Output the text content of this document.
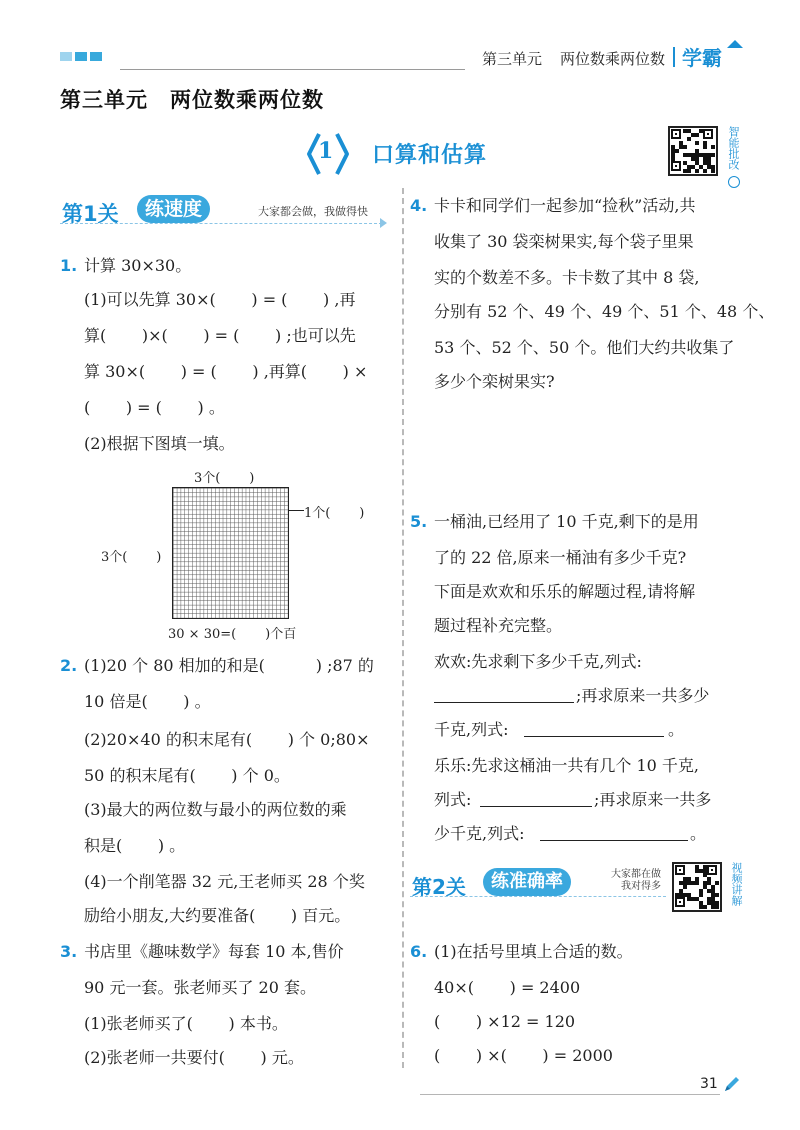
第三单元 两位数乘两位数 学霸
第三单元 两位数乘两位数
1 口算和估算	智能批改
第1关	练速度	大家都会做，我做得快
1. 计算 30×30。
(1)可以先算 30×(       ) = (       ) ,再
算(       )×(       ) = (       ) ;也可以先
算 30×(       ) = (       ) ,再算(       ) ×
(       ) = (       ) 。
(2)根据下图填一填。
3个(       )
1个(       )
3个(       )
30 × 30=(       )个百
2. (1)20 个 80 相加的和是(          ) ;87 的
10 倍是(       ) 。
(2)20×40 的积末尾有(       ) 个 0;80×
50 的积末尾有(       ) 个 0。
(3)最大的两位数与最小的两位数的乘
积是(       ) 。
(4)一个削笔器 32 元,王老师买 28 个奖
励给小朋友,大约要准备(       ) 百元。
3. 书店里《趣味数学》每套 10 本,售价
90 元一套。张老师买了 20 套。
(1)张老师买了(       ) 本书。
(2)张老师一共要付(       ) 元。
4. 卡卡和同学们一起参加“捡秋”活动,共
收集了 30 袋栾树果实,每个袋子里果
实的个数差不多。卡卡数了其中 8 袋,
分别有 52 个、49 个、49 个、51 个、48 个、
53 个、52 个、50 个。他们大约共收集了
多少个栾树果实?
5. 一桶油,已经用了 10 千克,剩下的是用
了的 22 倍,原来一桶油有多少千克?
下面是欢欢和乐乐的解题过程,请将解
题过程补充完整。
欢欢:先求剩下多少千克,列式:
;再求原来一共多少
千克,列式:	。
乐乐:先求这桶油一共有几个 10 千克,
列式:	;再求原来一共多
少千克,列式:	。
第2关	练准确率	大家都在做
我对得多	视频讲解
6. (1)在括号里填上合适的数。
40×(       ) = 2400
(       ) ×12 = 120
(       ) ×(       ) = 2000
31
